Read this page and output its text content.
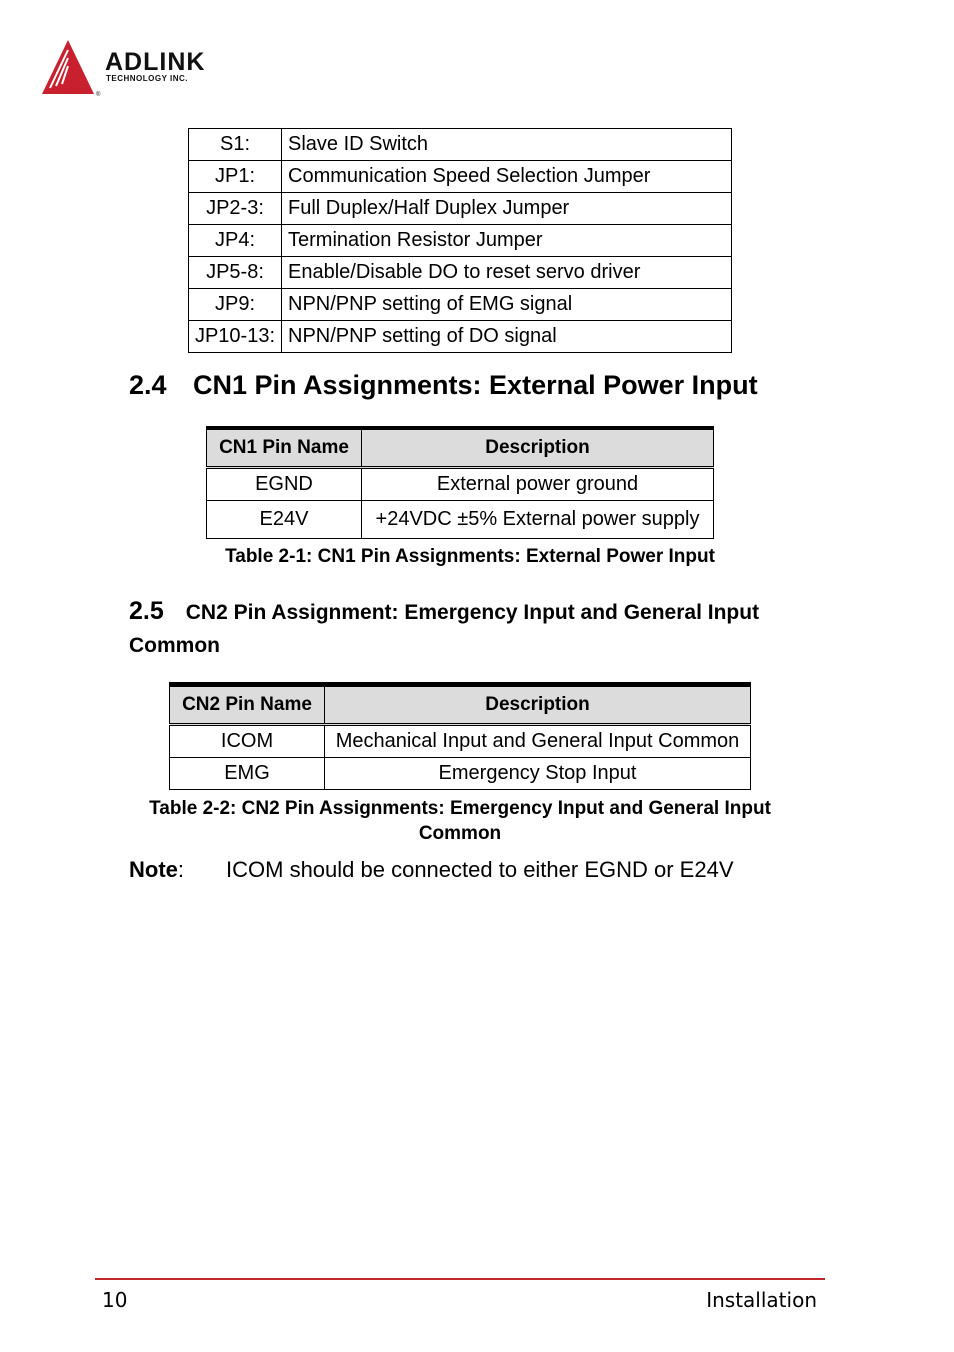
®
ADLINK
TECHNOLOGY INC.
S1:	Slave ID Switch
JP1:	Communication Speed Selection Jumper
JP2-3:	Full Duplex/Half Duplex Jumper
JP4:	Termination Resistor Jumper
JP5-8:	Enable/Disable DO to reset servo driver
JP9:	NPN/PNP setting of EMG signal
JP10-13:	NPN/PNP setting of DO signal
2.4 CN1 Pin Assignments: External Power Input
CN1 Pin Name	Description
EGND	External power ground
E24V	+24VDC ±5% External power supply

Table 2-1: CN1 Pin Assignments: External Power Input

2.5 CN2 Pin Assignment: Emergency Input and General Input Common
CN2 Pin Name	Description
ICOM	Mechanical Input and General Input Common
EMG	Emergency Stop Input
Table 2-2: CN2 Pin Assignments: Emergency Input and General Input
Common
Note: ICOM should be connected to either EGND or E24V
10	Installation
